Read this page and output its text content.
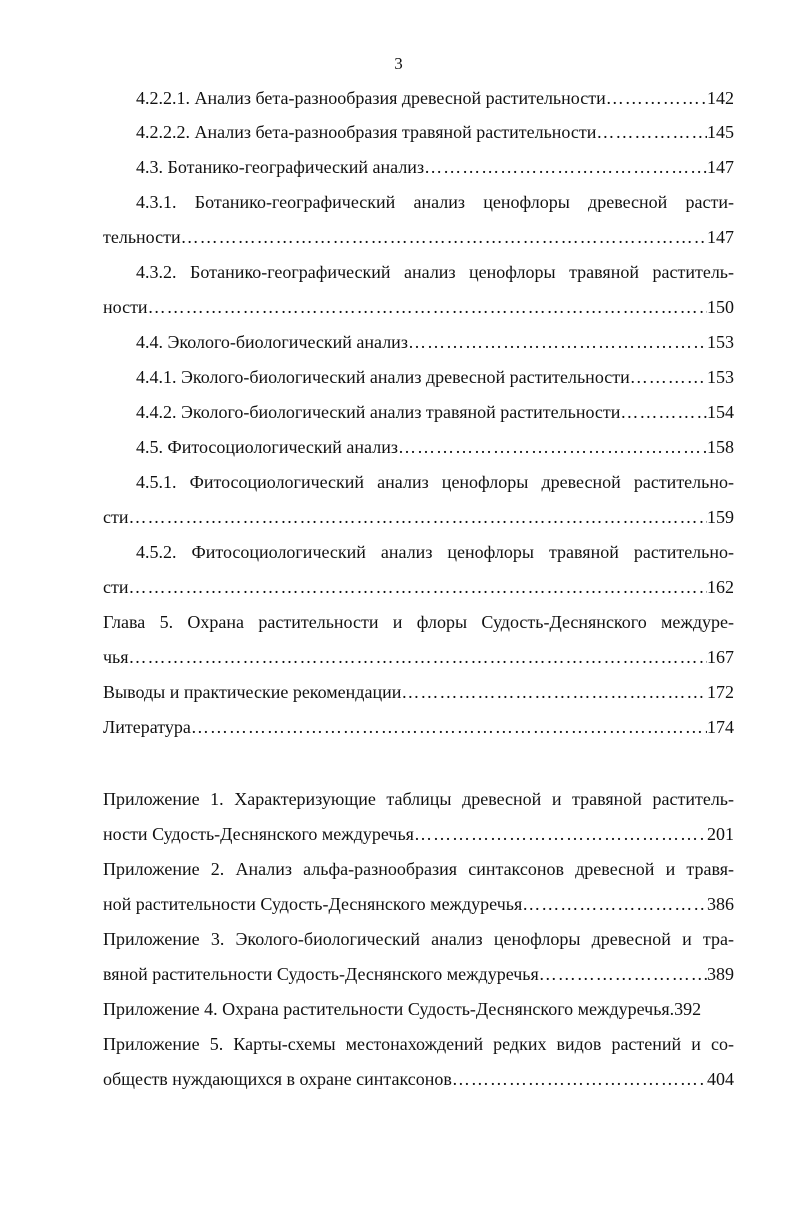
3
4.2.2.1. Анализ бета-разнообразия древесной растительности …………………………………………………………………………………………………………………………………………………………	142
4.2.2.2. Анализ бета-разнообразия травяной растительности …………………………………………………………………………………………………………………………………………………………	145
4.3. Ботанико-географический анализ …………………………………………………………………………………………………………………………………………………………	147
4.3.1. Ботанико-географический анализ ценофлоры древесной расти-
тельности …………………………………………………………………………………………………………………………………………………………	147
4.3.2. Ботанико-географический анализ ценофлоры травяной раститель-
ности …………………………………………………………………………………………………………………………………………………………	150
4.4. Эколого-биологический анализ …………………………………………………………………………………………………………………………………………………………	153
4.4.1. Эколого-биологический анализ древесной растительности …………………………………………………………………………………………………………………………………………………………	153
4.4.2. Эколого-биологический анализ травяной растительности …………………………………………………………………………………………………………………………………………………………	154
4.5. Фитосоциологический анализ …………………………………………………………………………………………………………………………………………………………	158
4.5.1. Фитосоциологический анализ ценофлоры древесной растительно-
сти …………………………………………………………………………………………………………………………………………………………	159
4.5.2. Фитосоциологический анализ ценофлоры травяной растительно-
сти …………………………………………………………………………………………………………………………………………………………	162
Глава 5. Охрана растительности и флоры Судость-Деснянского междуре-
чья …………………………………………………………………………………………………………………………………………………………	167
Выводы и практические рекомендации …………………………………………………………………………………………………………………………………………………………	172
Литература …………………………………………………………………………………………………………………………………………………………	174
Приложение 1. Характеризующие таблицы древесной и травяной раститель-
ности Судость-Деснянского междуречья …………………………………………………………………………………………………………………………………………………………	201
Приложение 2. Анализ альфа-разнообразия синтаксонов древесной и травя-
ной растительности Судость-Деснянского междуречья …………………………………………………………………………………………………………………………………………………………	386
Приложение 3. Эколого-биологический анализ ценофлоры древесной и тра-
вяной растительности Судость-Деснянского междуречья …………………………………………………………………………………………………………………………………………………………	389
Приложение 4. Охрана растительности Судость-Деснянского междуречья.392
Приложение 5. Карты-схемы местонахождений редких видов растений и со-
обществ нуждающихся в охране синтаксонов …………………………………………………………………………………………………………………………………………………………	404
